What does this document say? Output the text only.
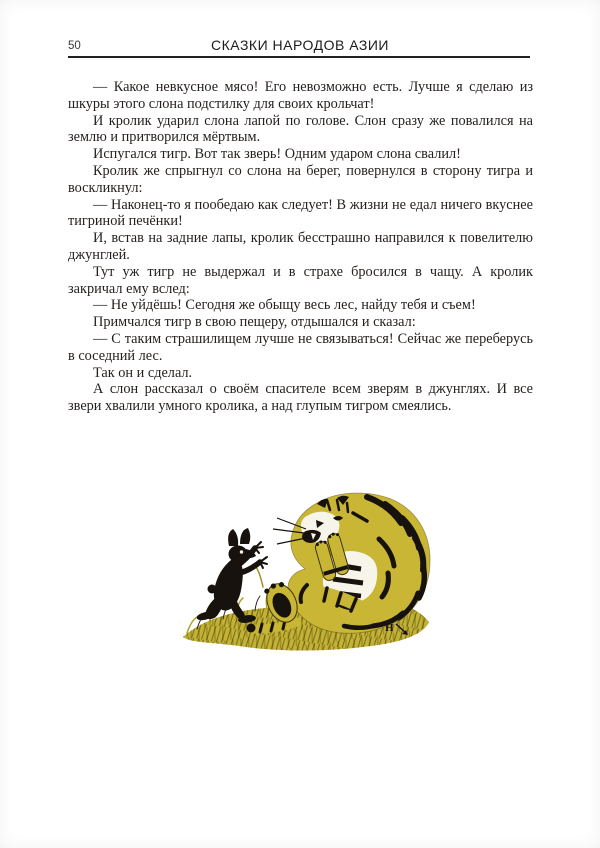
50	СКАЗКИ НАРОДОВ АЗИИ

— Какое невкусное мясо! Его невозможно есть. Лучше я сделаю из шкуры этого слона подстилку для своих крольчат!

И кролик ударил слона лапой по голове. Слон сразу же повалился на землю и притворился мёртвым.

Испугался тигр. Вот так зверь! Одним ударом слона свалил!

Кролик же спрыгнул со слона на берег, повернулся в сторону тигра и воскликнул:

— Наконец-то я пообедаю как следует! В жизни не едал ничего вкуснее тигриной печёнки!

И, встав на задние лапы, кролик бесстрашно направился к повелителю джунглей.

Тут уж тигр не выдержал и в страхе бросился в чащу. А кролик закричал ему вслед:

— Не уйдёшь! Сегодня же обыщу весь лес, найду тебя и съем!

Примчался тигр в свою пещеру, отдышался и сказал:

— С таким страшилищем лучше не связываться! Сейчас же переберусь в соседний лес.

Так он и сделал.

А слон рассказал о своём спасителе всем зверям в джунглях. И все звери хвалили умного кролика, а над глупым тигром смеялись.

Н
